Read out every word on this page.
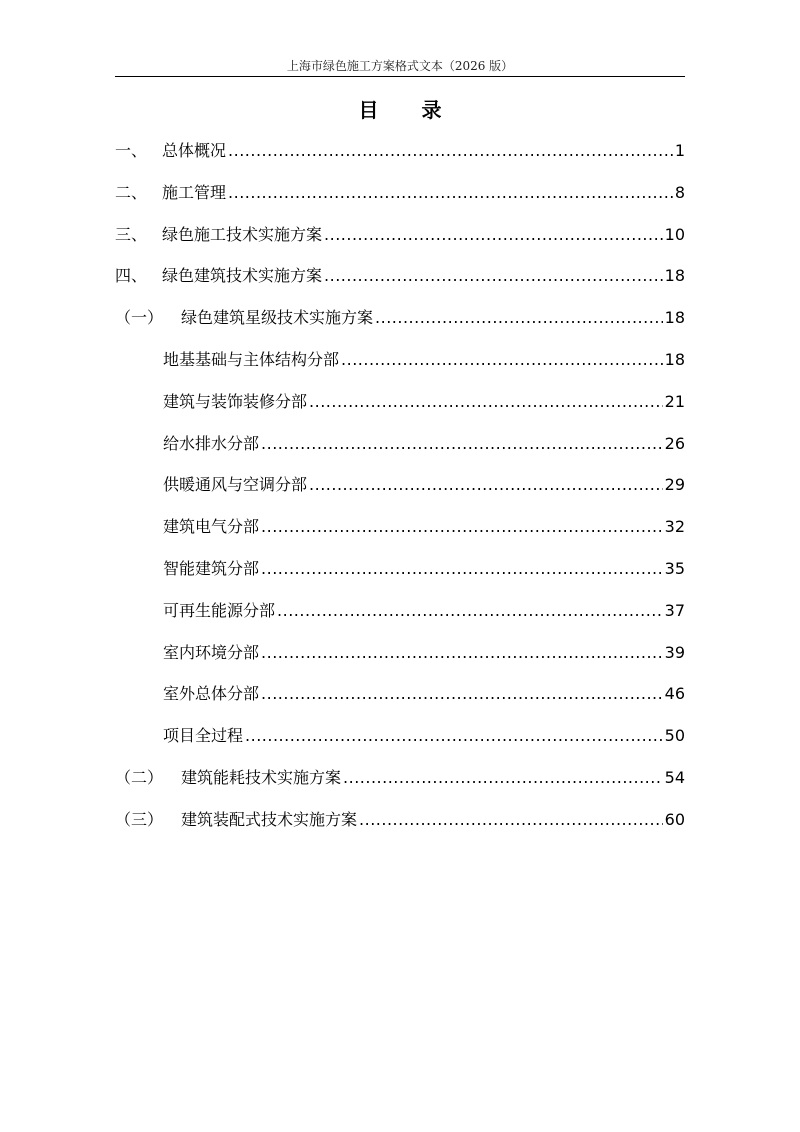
上海市绿色施工方案格式文本（2026 版）
目 录
一、 总体概况 .....	1
二、 施工管理 .....	8
三、 绿色施工技术实施方案 .....	10
四、 绿色建筑技术实施方案 .....	18
（一）	绿色建筑星级技术实施方案 .....	18
地基基础与主体结构分部 .....	18
建筑与装饰装修分部 .....	21
给水排水分部 .....	26
供暖通风与空调分部 .....	29
建筑电气分部 .....	32
智能建筑分部 .....	35
可再生能源分部 .....	37
室内环境分部 .....	39
室外总体分部 .....	46
项目全过程 .....	50
（二）	建筑能耗技术实施方案 .....	54
（三）	建筑装配式技术实施方案 .....	60
